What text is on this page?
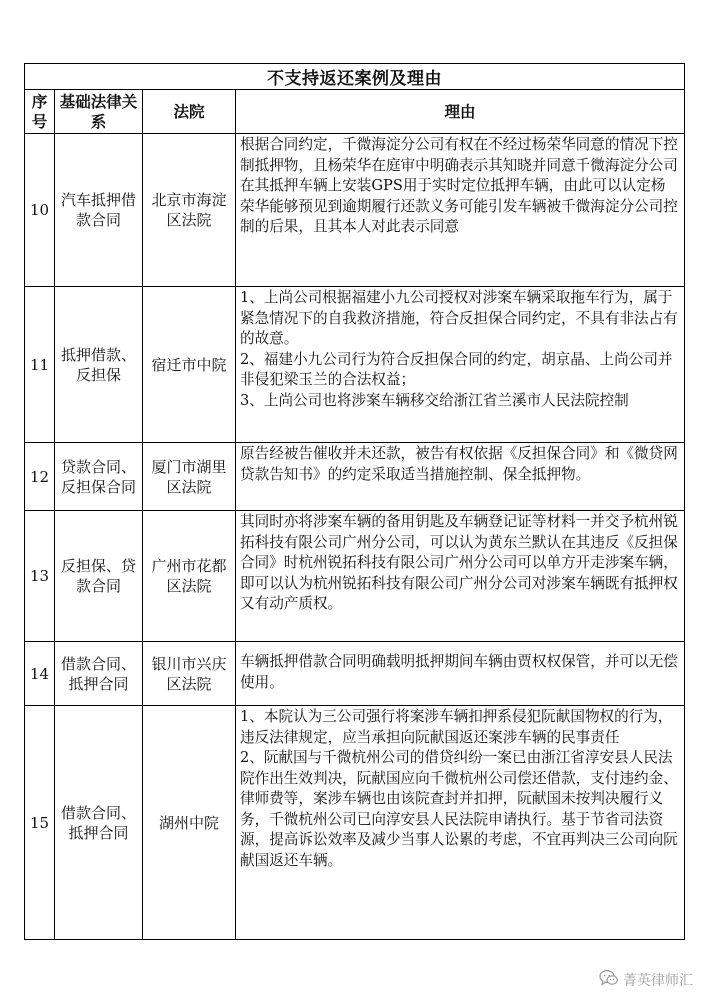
不支持返还案例及理由			

序号	基础法律关系	法院	理由

10	汽车抵押借款合同	北京市海淀区法院	根据合同约定，千微海淀分公司有权在不经过杨荣华同意的情况下控制抵押物，且杨荣华在庭审中明确表示其知晓并同意千微海淀分公司在其抵押车辆上安装GPS用于实时定位抵押车辆，由此可以认定杨荣华能够预见到逾期履行还款义务可能引发车辆被千微海淀分公司控制的后果，且其本人对此表示同意

11	抵押借款、反担保	宿迁市中院	1、上尚公司根据福建小九公司授权对涉案车辆采取拖车行为，属于紧急情况下的自我救济措施，符合反担保合同约定，不具有非法占有的故意。

2、福建小九公司行为符合反担保合同的约定，胡京晶、上尚公司并非侵犯梁玉兰的合法权益；

3、上尚公司也将涉案车辆移交给浙江省兰溪市人民法院控制

12	贷款合同、反担保合同	厦门市湖里区法院	原告经被告催收并未还款，被告有权依据《反担保合同》和《微贷网贷款告知书》的约定采取适当措施控制、保全抵押物。

13	反担保、贷款合同	广州市花都区法院	其同时亦将涉案车辆的备用钥匙及车辆登记证等材料一并交予杭州锐拓科技有限公司广州分公司，可以认为黄东兰默认在其违反《反担保合同》时杭州锐拓科技有限公司广州分公司可以单方开走涉案车辆，即可以认为杭州锐拓科技有限公司广州分公司对涉案车辆既有抵押权又有动产质权。

14	借款合同、抵押合同	银川市兴庆区法院	车辆抵押借款合同明确载明抵押期间车辆由贾权权保管，并可以无偿使用。

15	借款合同、抵押合同	湖州中院	1、本院认为三公司强行将案涉车辆扣押系侵犯阮献国物权的行为，违反法律规定，应当承担向阮献国返还案涉车辆的民事责任

2、阮献国与千微杭州公司的借贷纠纷一案已由浙江省淳安县人民法院作出生效判决，阮献国应向千微杭州公司偿还借款，支付违约金、律师费等，案涉车辆也由该院查封并扣押，阮献国未按判决履行义务，千微杭州公司已向淳安县人民法院申请执行。基于节省司法资源，提高诉讼效率及减少当事人讼累的考虑，不宜再判决三公司向阮献国返还车辆。

菁英律师汇
